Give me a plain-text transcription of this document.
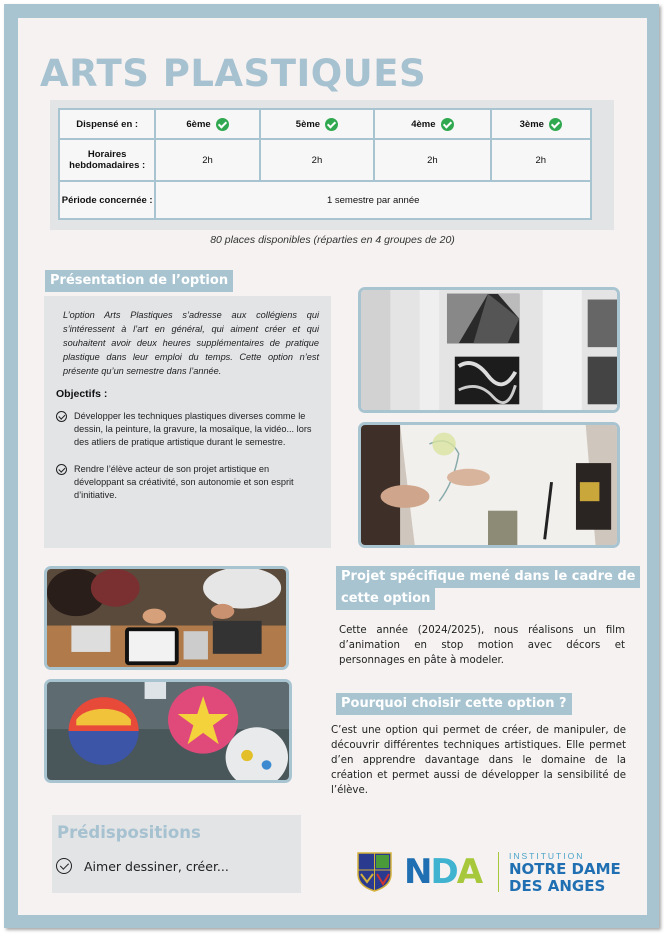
ARTS PLASTIQUES
Dispensé en :	6ème	5ème	4ème	3ème
Horaires hebdomadaires :	2h	2h	2h	2h
Période concernée :	1 semestre par année			
80 places disponibles (réparties en 4 groupes de 20)
Présentation de l’option
L’option Arts Plastiques s’adresse aux collégiens qui s’intéressent à l’art en général, qui aiment créer et qui souhaitent avoir deux heures supplémentaires de pratique plastique dans leur emploi du temps. Cette option n’est présente qu’un semestre dans l’année.
Objectifs :
Développer les techniques plastiques diverses comme le dessin, la peinture, la gravure, la mosaïque, la vidéo... lors des atliers de pratique artistique durant le semestre.
Rendre l’élève acteur de son projet artistique en développant sa créativité, son autonomie et son esprit d’initiative.
Projet spécifique mené dans le cadre de
cette option
Cette année (2024/2025), nous réalisons un film d’animation en stop motion avec décors et personnages en pâte à modeler.
Pourquoi choisir cette option ?
C’est une option qui permet de créer, de manipuler, de découvrir différentes techniques artistiques. Elle permet d’en apprendre davantage dans le domaine de la création et permet aussi de développer la sensibilité de l’élève.
Prédispositions
Aimer dessiner, créer...	NDA	INSTITUTION
NOTRE DAME
DES ANGES
